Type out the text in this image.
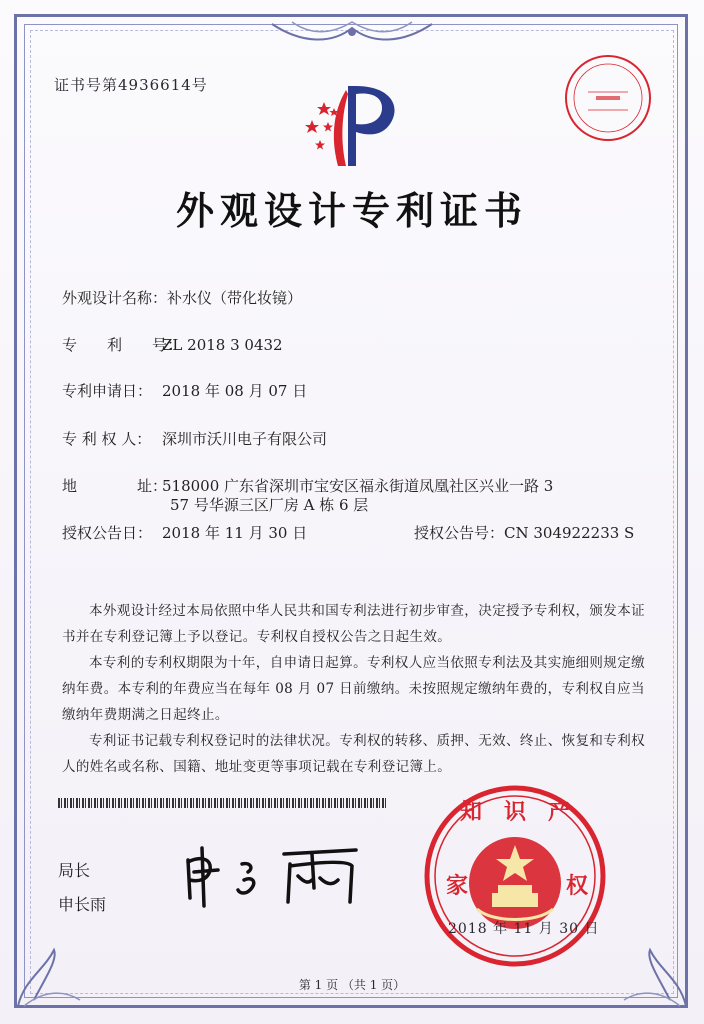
证书号第4936614号
外观设计专利证书
外观设计名称：补水仪（带化妆镜）
专　　利　　号：ZL 2018 3 0432
专利申请日： 2018 年 08 月 07 日
专 利 权 人： 深圳市沃川电子有限公司
地　　　　址：518000 广东省深圳市宝安区福永街道凤凰社区兴业一路 3
57 号华源三区厂房 A 栋 6 层
授权公告日： 2018 年 11 月 30 日	授权公告号：CN 304922233 S

本外观设计经过本局依照中华人民共和国专利法进行初步审查，决定授予专利权，颁发本证书并在专利登记簿上予以登记。专利权自授权公告之日起生效。

本专利的专利权期限为十年，自申请日起算。专利权人应当依照专利法及其实施细则规定缴纳年费。本专利的年费应当在每年 08 月 07 日前缴纳。未按照规定缴纳年费的，专利权自应当缴纳年费期满之日起终止。

专利证书记载专利权登记时的法律状况。专利权的转移、质押、无效、终止、恢复和专利权人的姓名或名称、国籍、地址变更等事项记载在专利登记簿上。

局长
申长雨
知　识　产
家	权
2018 年 11 月 30 日
第 1 页 （共 1 页）
